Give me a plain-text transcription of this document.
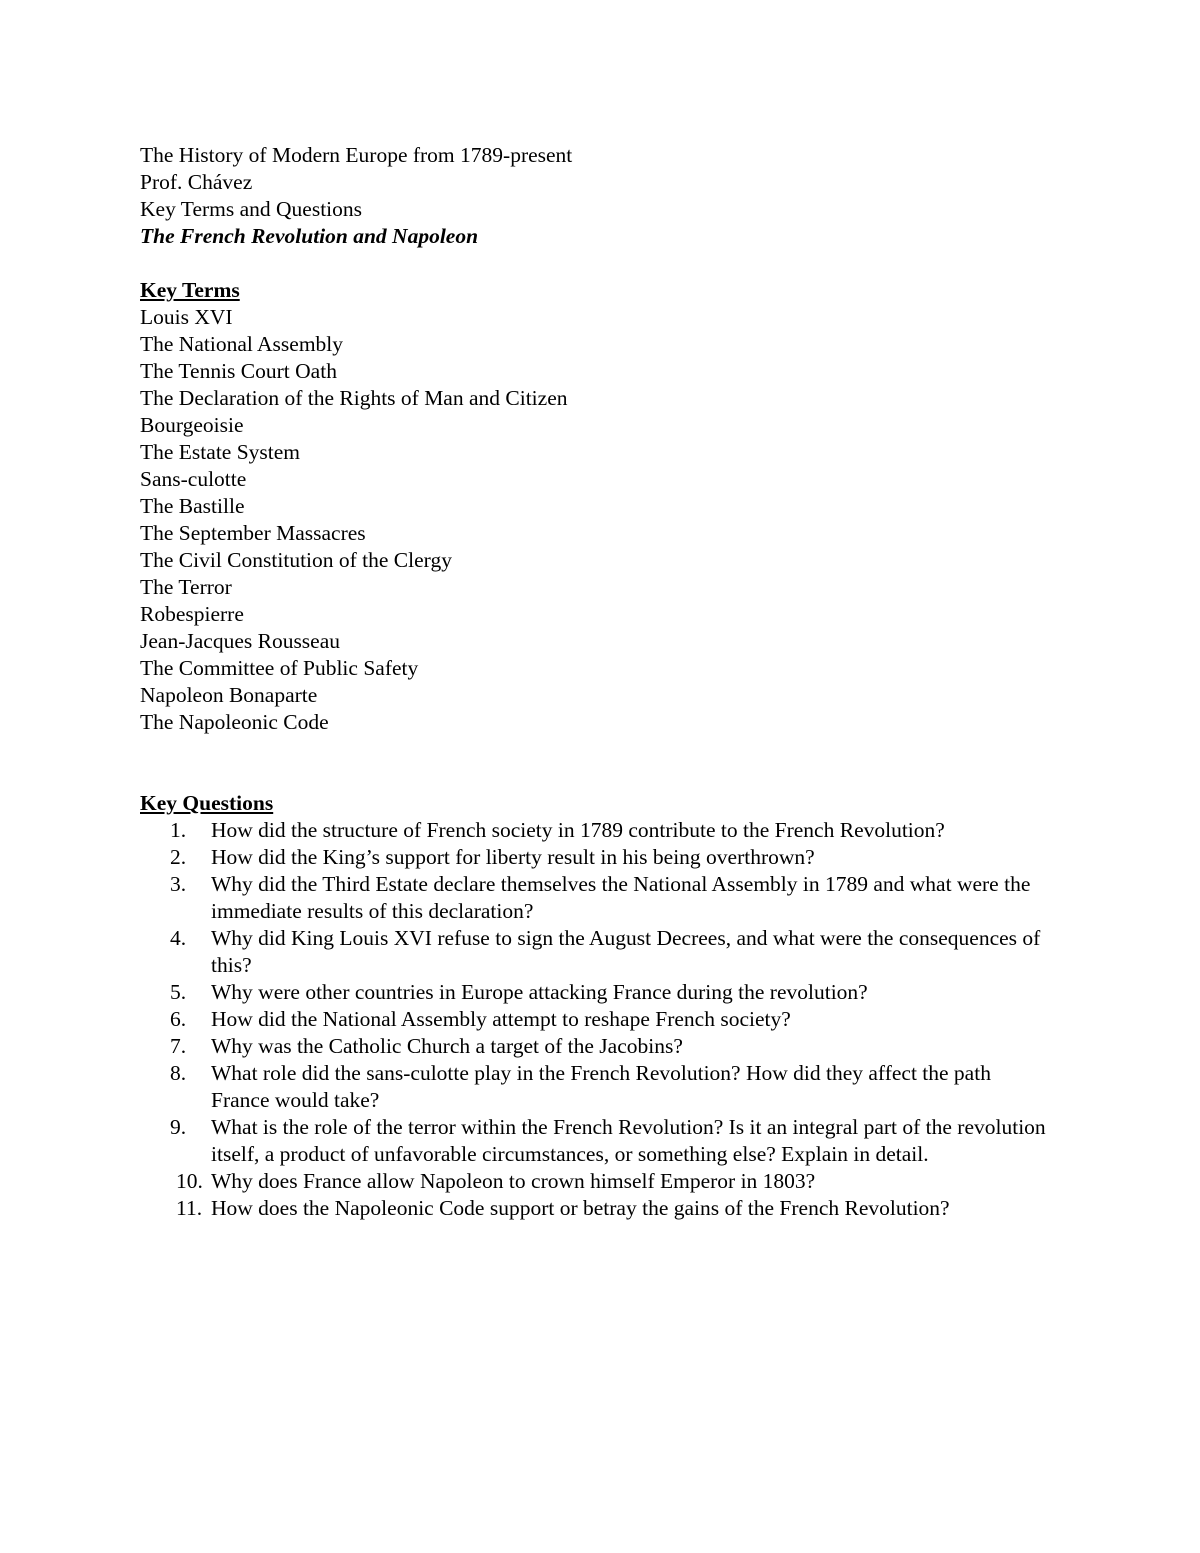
The History of Modern Europe from 1789-present
Prof. Chávez
Key Terms and Questions
The French Revolution and Napoleon
Key Terms
Louis XVI
The National Assembly
The Tennis Court Oath
The Declaration of the Rights of Man and Citizen
Bourgeoisie
The Estate System
Sans-culotte
The Bastille
The September Massacres
The Civil Constitution of the Clergy
The Terror
Robespierre
Jean-Jacques Rousseau
The Committee of Public Safety
Napoleon Bonaparte
The Napoleonic Code
Key Questions
1.	How did the structure of French society in 1789 contribute to the French Revolution?
2.	How did the King’s support for liberty result in his being overthrown?
3.	Why did the Third Estate declare themselves the National Assembly in 1789 and what were the immediate results of this declaration?
4.	Why did King Louis XVI refuse to sign the August Decrees, and what were the consequences of this?
5.	Why were other countries in Europe attacking France during the revolution?
6.	How did the National Assembly attempt to reshape French society?
7.	Why was the Catholic Church a target of the Jacobins?
8.	What role did the sans-culotte play in the French Revolution? How did they affect the path France would take?
9.	What is the role of the terror within the French Revolution? Is it an integral part of the revolution itself, a product of unfavorable circumstances, or something else? Explain in detail.
10. Why does France allow Napoleon to crown himself Emperor in 1803?
11. How does the Napoleonic Code support or betray the gains of the French Revolution?
